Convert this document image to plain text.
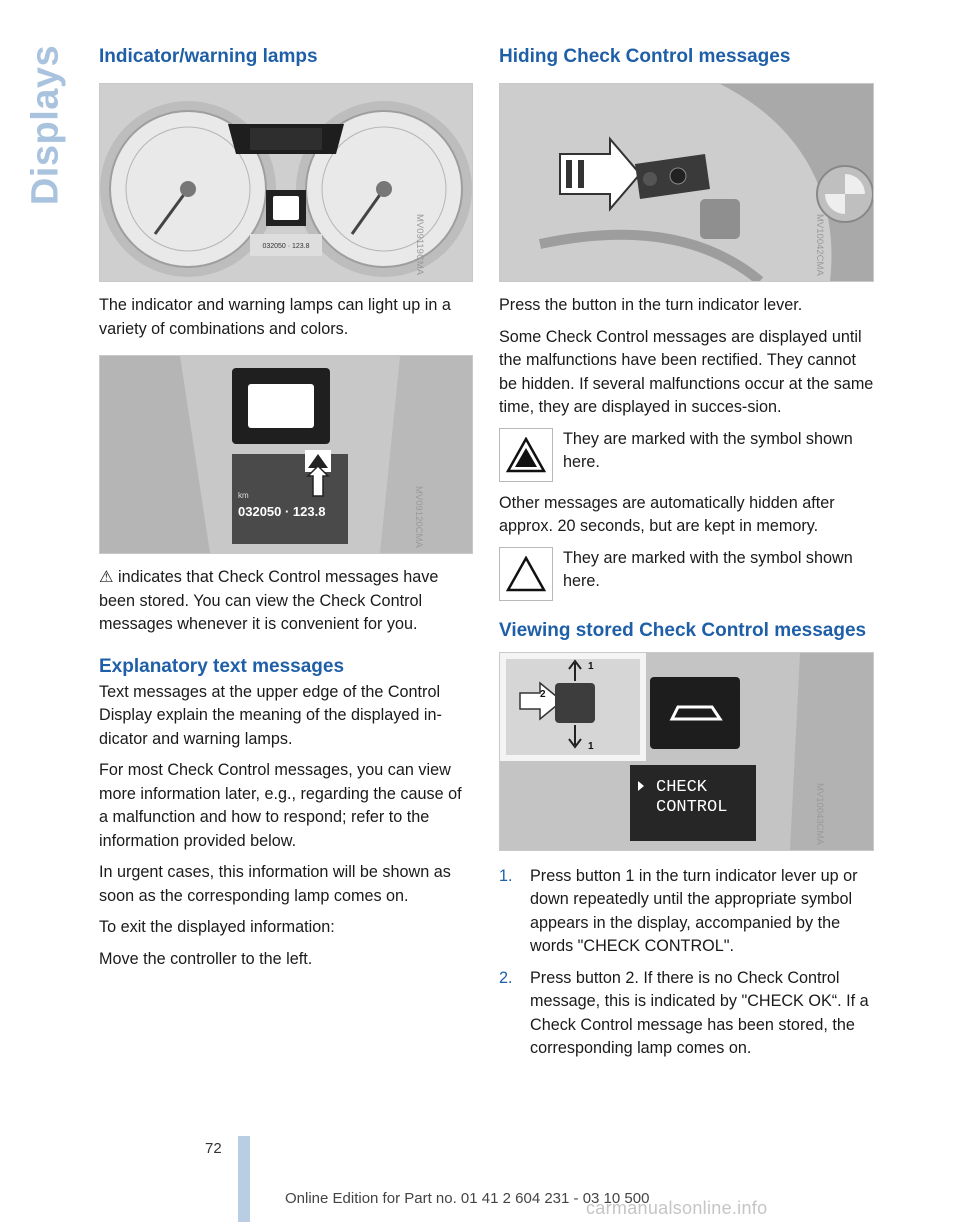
Displays Indicator/warning lamps
032050 · 123.8	MV09119CMA

The indicator and warning lamps can light up in a variety of combinations and colors.

km
032050 · 123.8	MV09120CMA

⚠ indicates that Check Control messages have been stored. You can view the Check Control messages whenever it is convenient for you.

Explanatory text messages

Text messages at the upper edge of the Control Display explain the meaning of the displayed in-dicator and warning lamps.

For most Check Control messages, you can view more information later, e.g., regarding the cause of a malfunction and how to respond; refer to the information provided below.

In urgent cases, this information will be shown as soon as the corresponding lamp comes on.

To exit the displayed information:

Move the controller to the left.

Hiding Check Control messages
MV10042CMA

Press the button in the turn indicator lever.

Some Check Control messages are displayed until the malfunctions have been rectified. They cannot be hidden. If several malfunctions occur at the same time, they are displayed in succes-sion.

They are marked with the symbol shown here.

Other messages are automatically hidden after approx. 20 seconds, but are kept in memory.

They are marked with the symbol shown here.
Viewing stored Check Control messages
1
2
1
CHECK
CONTROL	MV10043CMA
1.	Press button 1 in the turn indicator lever up or down repeatedly until the appropriate symbol appears in the display, accompanied by the words "CHECK CONTROL".
2.	Press button 2. If there is no Check Control message, this is indicated by "CHECK OK“. If a Check Control message has been stored, the corresponding lamp comes on.
72
Online Edition for Part no. 01 41 2 604 231 - 03 10 500
carmanualsonline.info
